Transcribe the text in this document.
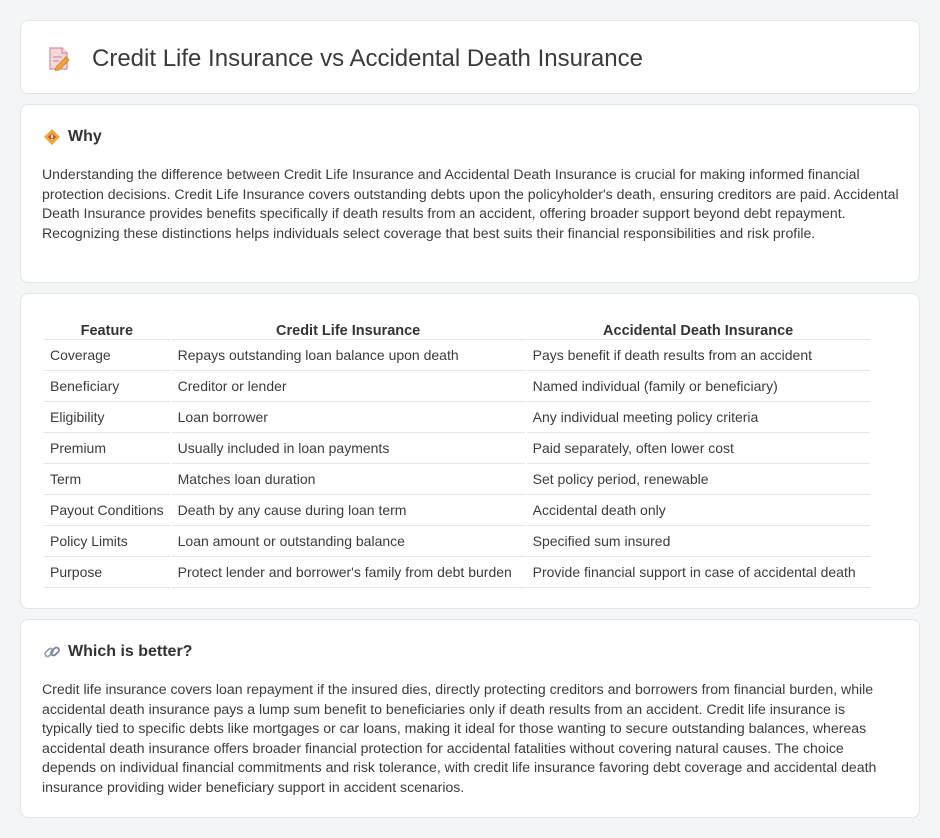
Credit Life Insurance vs Accidental Death Insurance
Why

Understanding the difference between Credit Life Insurance and Accidental Death Insurance is crucial for making informed financial protection decisions. Credit Life Insurance covers outstanding debts upon the policyholder's death, ensuring creditors are paid. Accidental Death Insurance provides benefits specifically if death results from an accident, offering broader support beyond debt repayment. Recognizing these distinctions helps individuals select coverage that best suits their financial responsibilities and risk profile.

Feature	Credit Life Insurance	Accidental Death Insurance
Coverage	Repays outstanding loan balance upon death	Pays benefit if death results from an accident
Beneficiary	Creditor or lender	Named individual (family or beneficiary)
Eligibility	Loan borrower	Any individual meeting policy criteria
Premium	Usually included in loan payments	Paid separately, often lower cost
Term	Matches loan duration	Set policy period, renewable
Payout Conditions	Death by any cause during loan term	Accidental death only
Policy Limits	Loan amount or outstanding balance	Specified sum insured
Purpose	Protect lender and borrower's family from debt burden	Provide financial support in case of accidental death
Which is better?

Credit life insurance covers loan repayment if the insured dies, directly protecting creditors and borrowers from financial burden, while accidental death insurance pays a lump sum benefit to beneficiaries only if death results from an accident. Credit life insurance is typically tied to specific debts like mortgages or car loans, making it ideal for those wanting to secure outstanding balances, whereas accidental death insurance offers broader financial protection for accidental fatalities without covering natural causes. The choice depends on individual financial commitments and risk tolerance, with credit life insurance favoring debt coverage and accidental death insurance providing wider beneficiary support in accident scenarios.
